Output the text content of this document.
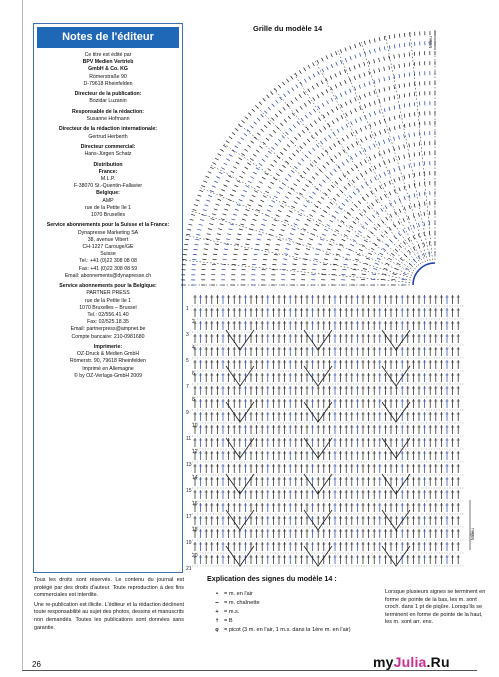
Notes de l'éditeur
Ce titre est édité par
BPV Medien Vertrieb
GmbH & Co. KG
Römerstraße 90
D-79618 Rheinfelden
Directeur de la publication:
Bozidar Luzanin
Responsable de la rédaction:
Susanne Hofmann
Directeur de la rédaction internationale:
Gertrud Herberth
Directeur commercial:
Hans-Jürgen Schatz
Distribution
France:
M.L.P.
F-38070 St.-Quentin-Fallavier
Belgique:
AMP
rue de la Petite Ile 1
1070 Bruxelles
Service abonnements pour la Suisse et la France:
Dynapresse Marketing SA
38, avenue Vibert
CH-1227 Carouge/GE
Suisse
Tel.: +41 (0)22 308 08 08
Fax: +41 (0)22 308 08 59
Email: abonnements@dynapresse.ch
Service abonnements pour la Belgique:
PARTNER PRESS
rue de la Petite Ile 1
1070 Bruxelles – Brussel
Tel.: 02/556.41.40
Fax: 02/525.18.35
Email: partnerpress@ampnet.be
Compte bancaire: 210-0981680
Imprimerie:
OZ-Druck & Medien GmbH
Römerstr. 90, 79618 Rheinfelden
Imprimé en Allemagne
© by OZ-Verlags-GmbH 2009

Tous les droits sont réservés. Le contenu du journal est protégé par des droits d'auteur. Toute reproduction à des fins commerciales est interdite.

Une re-publication est illicite. L'éditeur et la rédaction déclinent toute responsabilité au sujet des photos, dessins et manuscrits non demandés. Toutes les publications sont données sans garantie.

Grille du modèle 14
21
20
19
18
17
16
15
14
13
12
11
10
9
8
7
6
5
4
3
2
1
Milieu
Milieu
Explication des signes du modèle 14 :
• = m. en l'air
⌢ = m. chaînette
+ = m.s.
† = B
ǫ = picot (3 m. en l'air, 1 m.s. dans la 1ère m. en l'air)
Lorsque plusieurs signes se terminent en forme de pointe de la bas, les m. sont croch. dans 1 pt de piqûre. Lorsqu'ils se terminent en forme de pointe de la haut, les m. sont arr. ens.
26	myJulia.Ru
